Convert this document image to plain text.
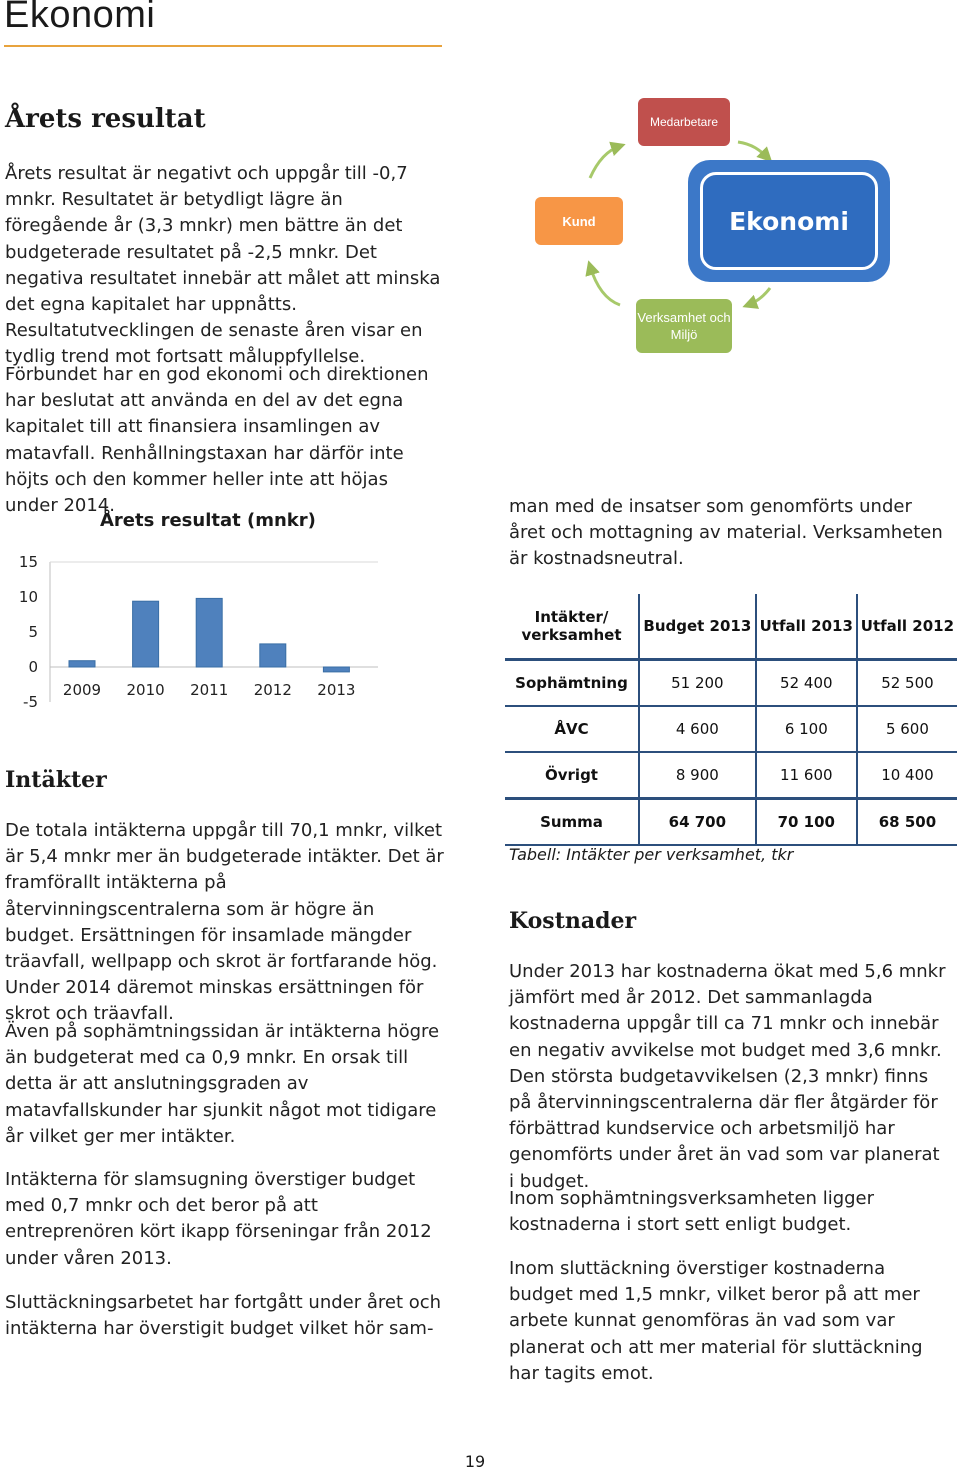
Ekonomi
Årets resultat

Årets resultat är negativt och uppgår till -0,7 mnkr. Resultatet är betydligt lägre än föregående år (3,3 mnkr) men bättre än det budgeterade resultatet på -2,5 mnkr. Det negativa resultatet innebär att målet att minska det egna kapitalet har uppnåtts. Resultatutvecklingen de senaste åren visar en tydlig trend mot fortsatt måluppfyllelse.

Förbundet har en god ekonomi och direktionen har beslutat att använda en del av det egna kapitalet till att finansiera insamlingen av matavfall. Renhållningstaxan har därför inte höjts och den kommer heller inte att höjas under 2014.

Medarbetare
Kund
Verksamhet och Miljö
Ekonomi
Årets resultat (mnkr)
15
10
5
0
-5
2009 2010 2011 2012 2013

man med de insatser som genomförts under året och mottagning av material. Verksamheten är kostnadsneutral.

Intäkter/ verksamhet	Budget 2013	Utfall 2013	Utfall 2012
Sophämtning	51 200	52 400	52 500
ÅVC	4 600	6 100	5 600
Övrigt	8 900	11 600	10 400
Summa	64 700	70 100	68 500
Tabell: Intäkter per verksamhet, tkr
Intäkter

De totala intäkterna uppgår till 70,1 mnkr, vilket är 5,4 mnkr mer än budgeterade intäkter. Det är framförallt intäkterna på återvinningscentralerna som är högre än budget. Ersättningen för insamlade mängder träavfall, wellpapp och skrot är fortfarande hög. Under 2014 däremot minskas ersättningen för skrot och träavfall.

Även på sophämtningssidan är intäkterna högre än budgeterat med ca 0,9 mnkr. En orsak till detta är att anslutningsgraden av matavfallskunder har sjunkit något mot tidigare år vilket ger mer intäkter.

Intäkterna för slamsugning överstiger budget med 0,7 mnkr och det beror på att entreprenören kört ikapp förseningar från 2012 under våren 2013.

Sluttäckningsarbetet har fortgått under året och intäkterna har överstigit budget vilket hör sam-

Kostnader

Under 2013 har kostnaderna ökat med 5,6 mnkr jämfört med år 2012. Det sammanlagda kostnaderna uppgår till ca 71 mnkr och innebär en negativ avvikelse mot budget med 3,6 mnkr. Den största budgetavvikelsen (2,3 mnkr) finns på återvinningscentralerna där fler åtgärder för förbättrad kundservice och arbetsmiljö har genomförts under året än vad som var planerat i budget.

Inom sophämtningsverksamheten ligger kostnaderna i stort sett enligt budget.

Inom sluttäckning överstiger kostnaderna budget med 1,5 mnkr, vilket beror på att mer arbete kunnat genomföras än vad som var planerat och att mer material för sluttäckning har tagits emot.

19
